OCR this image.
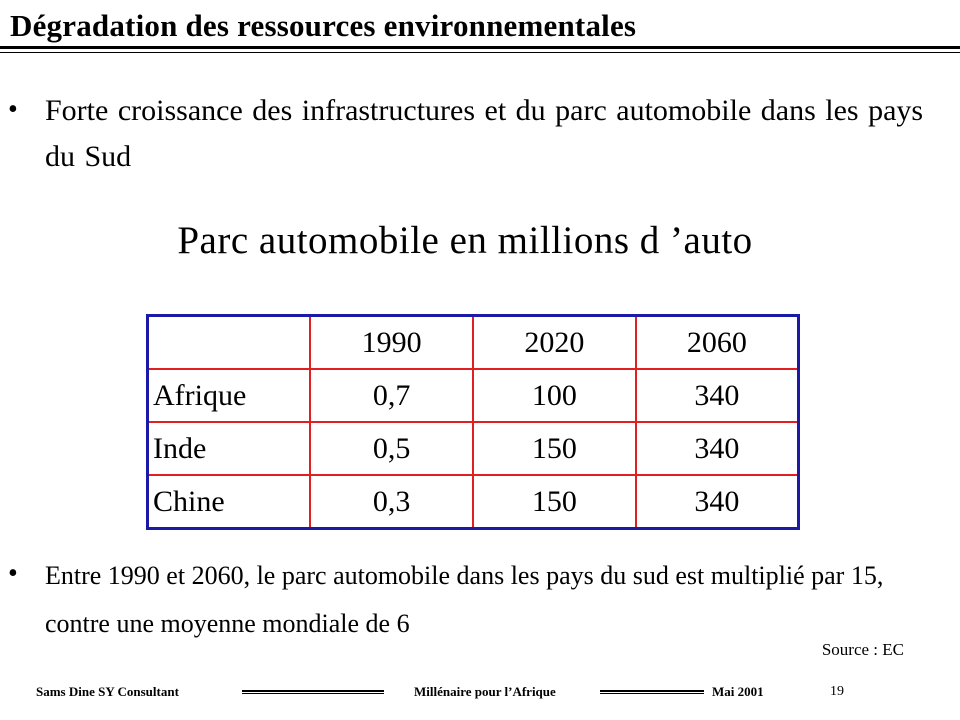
Dégradation des ressources environnementales
• Forte croissance des infrastructures et du parc automobile dans les pays du Sud
Parc automobile en millions d ’auto
	1990	2020	2060
Afrique	0,7	100	340
Inde	0,5	150	340
Chine	0,3	150	340
• Entre 1990 et 2060, le parc automobile dans les pays du sud est multiplié par 15, contre une moyenne mondiale de 6
Source : EC
Sams Dine SY Consultant	Millénaire pour l’Afrique	Mai 2001	19
